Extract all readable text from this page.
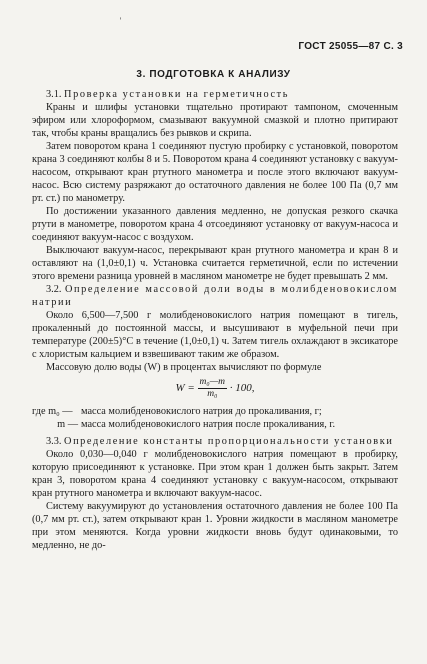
'
ГОСТ 25055—87 С. 3
3. ПОДГОТОВКА К АНАЛИЗУ

3.1. Проверка установки на герметичность

Краны и шлифы установки тщательно протирают тампоном, смоченным эфиром или хлороформом, смазывают вакуумной смазкой и плотно притирают так, чтобы краны вращались без рывков и скрипа.

Затем поворотом крана 1 соединяют пустую пробирку с установкой, поворотом крана 3 соединяют колбы 8 и 5. Поворотом крана 4 соединяют установку с вакуум-насосом, открывают кран ртутного манометра и после этого включают вакуум-насос. Всю систему разряжают до остаточного давления не более 100 Па (0,7 мм рт. ст.) по манометру.

По достижении указанного давления медленно, не допуская резкого скачка ртути в манометре, поворотом крана 4 отсоединяют установку от вакуум-насоса и соединяют вакуум-насос с воздухом.

Выключают вакуум-насос, перекрывают кран ртутного манометра и кран 8 и оставляют на (1,0±0,1) ч. Установка считается герметичной, если по истечении этого времени разница уровней в масляном манометре не будет превышать 2 мм.

3.2. Определение массовой доли воды в молибденовокислом натрии

Около 6,500—7,500 г молибденовокислого натрия помещают в тигель, прокаленный до постоянной массы, и высушивают в муфельной печи при температуре (200±5)°С в течение (1,0±0,1) ч. Затем тигель охлаждают в эксикаторе с хлористым кальцием и взвешивают таким же образом.

Массовую долю воды (W) в процентах вычисляют по формуле

$W = \frac{\text{m₀—m}}{\text{m₀}} \cdot 100$,
где m₀ — масса молибденовокислого натрия до прокаливания, г;
m — масса молибденовокислого натрия после прокаливания, г.

3.3. Определение константы пропорциональности установки

Около 0,030—0,040 г молибденовокислого натрия помещают в пробирку, которую присоединяют к установке. При этом кран 1 должен быть закрыт. Затем кран 3, поворотом крана 4 соединяют установку с вакуум-насосом, открывают кран ртутного манометра и включают вакуум-насос.

Систему вакуумируют до установления остаточного давления не более 100 Па (0,7 мм рт. ст.), затем открывают кран 1. Уровни жидкости в масляном манометре при этом меняются. Когда уровни жидкости вновь будут одинаковыми, то медленно, не до-
